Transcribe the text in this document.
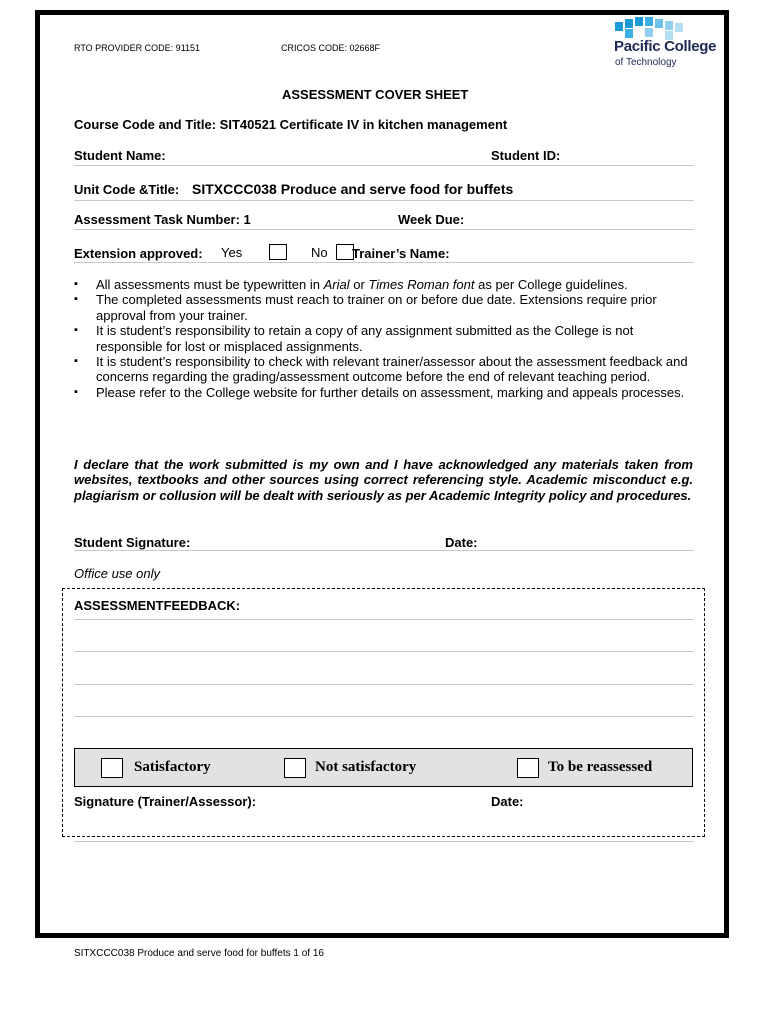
RTO PROVIDER CODE: 91151	CRICOS CODE: 02668F	Pacific College
of Technology
ASSESSMENT COVER SHEET
Course Code and Title: SIT40521 Certificate IV in kitchen management
Student Name:	Student ID:
Unit Code &Title: SITXCCC038 Produce and serve food for buffets
Assessment Task Number: 1	Week Due:
Extension approved: Yes	No Trainer’s Name:
▪ All assessments must be typewritten in Arial or Times Roman font as per College guidelines.
▪ The completed assessments must reach to trainer on or before due date. Extensions require prior approval from your trainer.
▪ It is student’s responsibility to retain a copy of any assignment submitted as the College is not responsible for lost or misplaced assignments.
▪ It is student’s responsibility to check with relevant trainer/assessor about the assessment feedback and concerns regarding the grading/assessment outcome before the end of relevant teaching period.
▪ Please refer to the College website for further details on assessment, marking and appeals processes.
I declare that the work submitted is my own and I have acknowledged any materials taken from websites, textbooks and other sources using correct referencing style. Academic misconduct e.g. plagiarism or collusion will be dealt with seriously as per Academic Integrity policy and procedures.
Student Signature:	Date:
Office use only
ASSESSMENTFEEDBACK:
Satisfactory	Not satisfactory	To be reassessed
Signature (Trainer/Assessor):	Date:
SITXCCC038 Produce and serve food for buffets 1 of 16
